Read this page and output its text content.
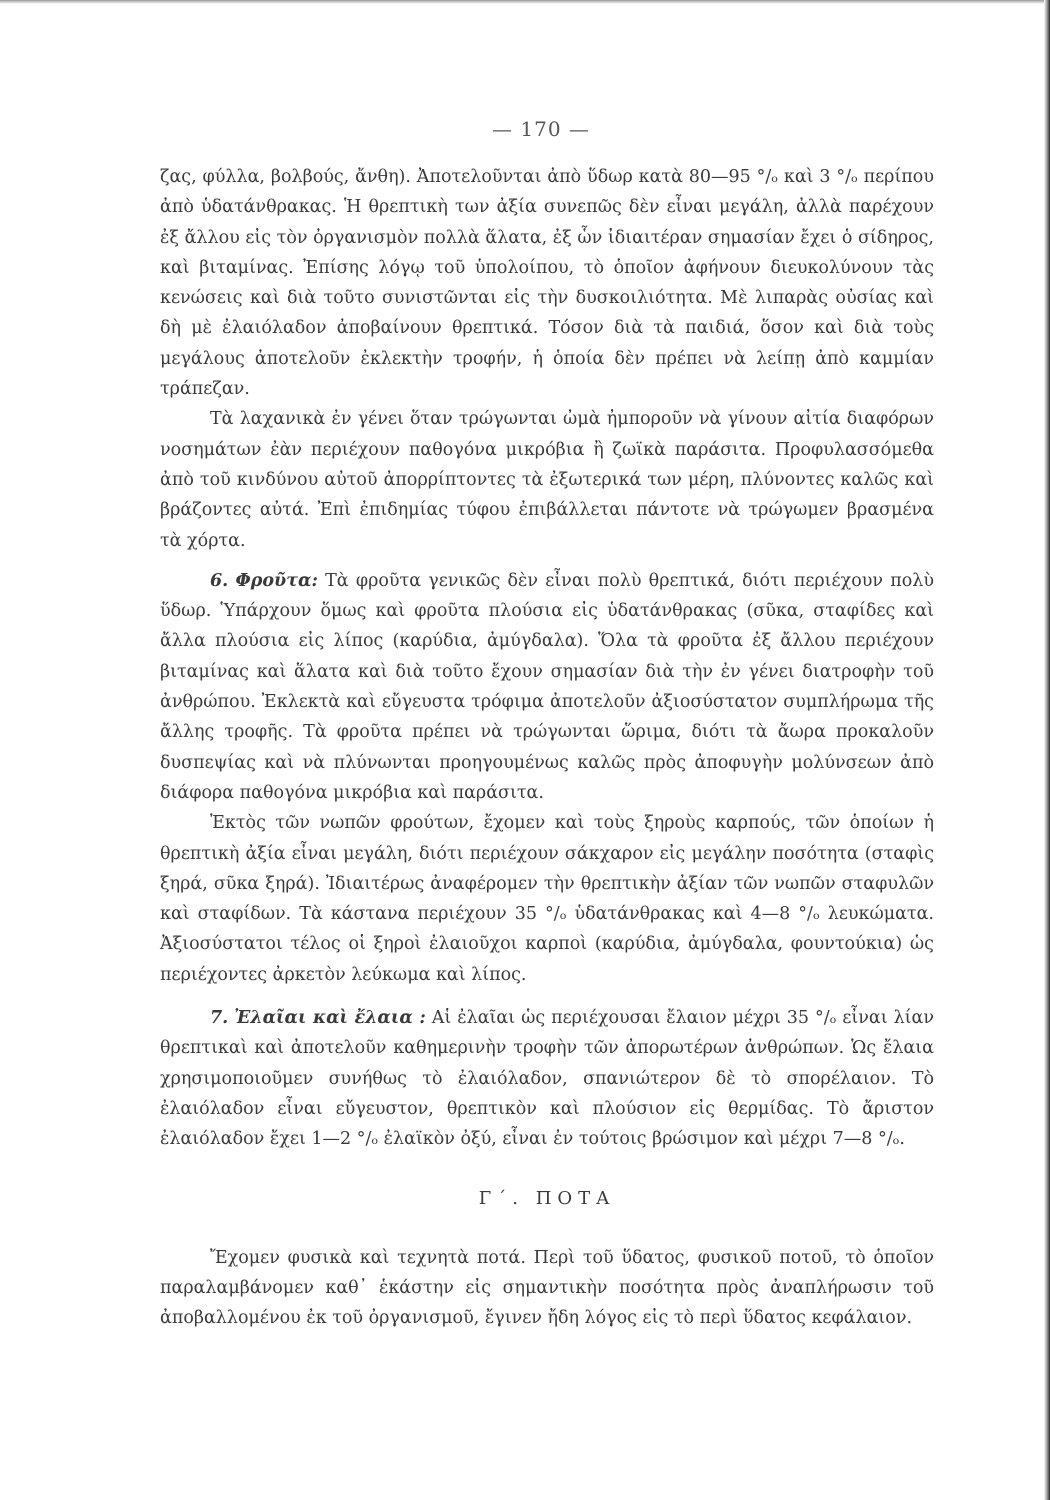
— 170 —

ζας, φύλλα, βολβούς, ἄνθη). Ἀποτελοῦνται ἀπὸ ὕδωρ κατὰ 80—95 °/ₒ καὶ 3 °/ₒ περίπου ἀπὸ ὑδατάνθρακας. Ἡ θρεπτικὴ των ἀξία συνεπῶς δὲν εἶναι μεγάλη, ἀλλὰ παρέχουν ἐξ ἄλλου εἰς τὸν ὀργανισμὸν πολλὰ ἅλατα, ἐξ ὧν ἰδιαιτέραν σημασίαν ἔχει ὁ σίδηρος, καὶ βιταμίνας. Ἐπίσης λόγῳ τοῦ ὑπολοίπου, τὸ ὁποῖον ἀφήνουν διευκολύνουν τὰς κενώσεις καὶ διὰ τοῦτο συνιστῶνται εἰς τὴν δυσκοιλιότητα. Μὲ λιπαρὰς οὐσίας καὶ δὴ μὲ ἐλαιόλαδον ἀποβαίνουν θρεπτικά. Τόσον διὰ τὰ παιδιά, ὅσον καὶ διὰ τοὺς μεγάλους ἀποτελοῦν ἐκλεκτὴν τροφήν, ἡ ὁποία δὲν πρέπει νὰ λείπῃ ἀπὸ καμμίαν τράπεζαν.

Τὰ λαχανικὰ ἐν γένει ὅταν τρώγωνται ὠμὰ ἠμποροῦν νὰ γίνουν αἰτία διαφόρων νοσημάτων ἐὰν περιέχουν παθογόνα μικρόβια ἢ ζωϊκὰ παράσιτα. Προφυλασσόμεθα ἀπὸ τοῦ κινδύνου αὐτοῦ ἀπορρίπτοντες τὰ ἐξωτερικά των μέρη, πλύνοντες καλῶς καὶ βράζοντες αὐτά. Ἐπὶ ἐπιδημίας τύφου ἐπιβάλλεται πάντοτε νὰ τρώγωμεν βρασμένα τὰ χόρτα.

6. Φροῦτα: Τὰ φροῦτα γενικῶς δὲν εἶναι πολὺ θρεπτικά, διότι περιέχουν πολὺ ὕδωρ. Ὑπάρχουν ὅμως καὶ φροῦτα πλούσια εἰς ὑδατάνθρακας (σῦκα, σταφίδες καὶ ἄλλα πλούσια εἰς λίπος (καρύδια, ἀμύγδαλα). Ὅλα τὰ φροῦτα ἐξ ἄλλου περιέχουν βιταμίνας καὶ ἅλατα καὶ διὰ τοῦτο ἔχουν σημασίαν διὰ τὴν ἐν γένει διατροφὴν τοῦ ἀνθρώπου. Ἐκλεκτὰ καὶ εὔγευστα τρόφιμα ἀποτελοῦν ἀξιοσύστατον συμπλήρωμα τῆς ἄλλης τροφῆς. Τὰ φροῦτα πρέπει νὰ τρώγωνται ὥριμα, διότι τὰ ἄωρα προκαλοῦν δυσπεψίας καὶ νὰ πλύνωνται προηγουμένως καλῶς πρὸς ἀποφυγὴν μολύνσεων ἀπὸ διάφορα παθογόνα μικρόβια καὶ παράσιτα.

Ἐκτὸς τῶν νωπῶν φρούτων, ἔχομεν καὶ τοὺς ξηροὺς καρπούς, τῶν ὁποίων ἡ θρεπτικὴ ἀξία εἶναι μεγάλη, διότι περιέχουν σάκχαρον εἰς μεγάλην ποσότητα (σταφὶς ξηρά, σῦκα ξηρά). Ἰδιαιτέρως ἀναφέρομεν τὴν θρεπτικὴν ἀξίαν τῶν νωπῶν σταφυλῶν καὶ σταφίδων. Τὰ κάστανα περιέχουν 35 °/ₒ ὑδατάνθρακας καὶ 4—8 °/ₒ λευκώματα. Ἀξιοσύστατοι τέλος οἱ ξηροὶ ἐλαιοῦχοι καρποὶ (καρύδια, ἀμύγδαλα, φουντούκια) ὡς περιέχοντες ἀρκετὸν λεύκωμα καὶ λίπος.

7. Ἐλαῖαι καὶ ἔλαια : Αἱ ἐλαῖαι ὡς περιέχουσαι ἔλαιον μέχρι 35 °/ₒ εἶναι λίαν θρεπτικαὶ καὶ ἀποτελοῦν καθημερινὴν τροφὴν τῶν ἀπορωτέρων ἀνθρώπων. Ὡς ἔλαια χρησιμοποιοῦμεν συνήθως τὸ ἐλαιόλαδον, σπανιώτερον δὲ τὸ σπορέλαιον. Τὸ ἐλαιόλαδον εἶναι εὔγευστον, θρεπτικὸν καὶ πλούσιον εἰς θερμίδας. Τὸ ἄριστον ἐλαιόλαδον ἔχει 1—2 °/ₒ ἐλαϊκὸν ὀξύ, εἶναι ἐν τούτοις βρώσιμον καὶ μέχρι 7—8 °/ₒ.

Γ΄. ΠΟΤΑ

Ἔχομεν φυσικὰ καὶ τεχνητὰ ποτά. Περὶ τοῦ ὕδατος, φυσικοῦ ποτοῦ, τὸ ὁποῖον παραλαμβάνομεν καθ᾿ ἑκάστην εἰς σημαντικὴν ποσότητα πρὸς ἀναπλήρωσιν τοῦ ἀποβαλλομένου ἐκ τοῦ ὀργανισμοῦ, ἔγινεν ἤδη λόγος εἰς τὸ περὶ ὕδατος κεφάλαιον.
